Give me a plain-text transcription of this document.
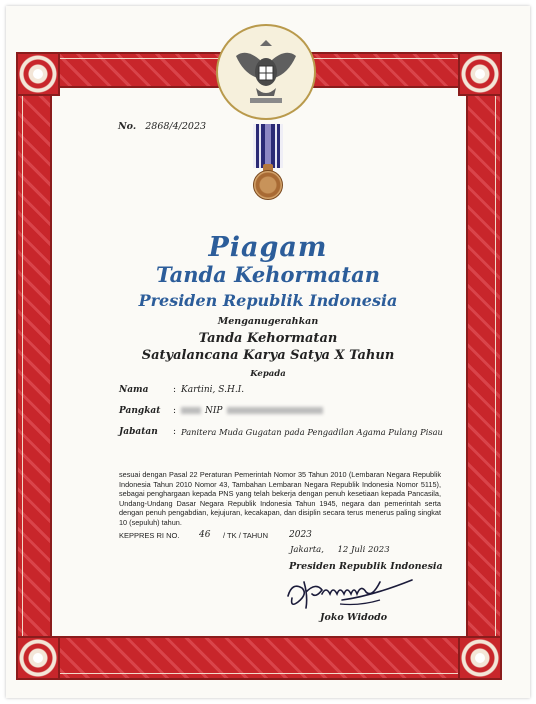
No. 2868/4/2023
Piagam
Tanda Kehormatan
Presiden Republik Indonesia
Menganugerahkan
Tanda Kehormatan
Satyalancana Karya Satya X Tahun
Kepada
Nama	: Kartini, S.H.I.
Pangkat	:	NIP
Jabatan	: Panitera Muda Gugatan pada Pengadilan Agama Pulang Pisau
sesuai dengan Pasal 22 Peraturan Pemerintah Nomor 35 Tahun 2010 (Lembaran Negara Republik Indonesia Tahun 2010 Nomor 43, Tambahan Lembaran Negara Republik Indonesia Nomor 5115), sebagai penghargaan kepada PNS yang telah bekerja dengan penuh kesetiaan kepada Pancasila, Undang-Undang Dasar Negara Republik Indonesia Tahun 1945, negara dan pemerintah serta dengan penuh pengabdian, kejujuran, kecakapan, dan disiplin secara terus menerus paling singkat 10 (sepuluh) tahun.
KEPPRES RI NO. 46 / TK / TAHUN 2023
Jakarta,     12 Juli 2023
Presiden Republik Indonesia
Joko Widodo
